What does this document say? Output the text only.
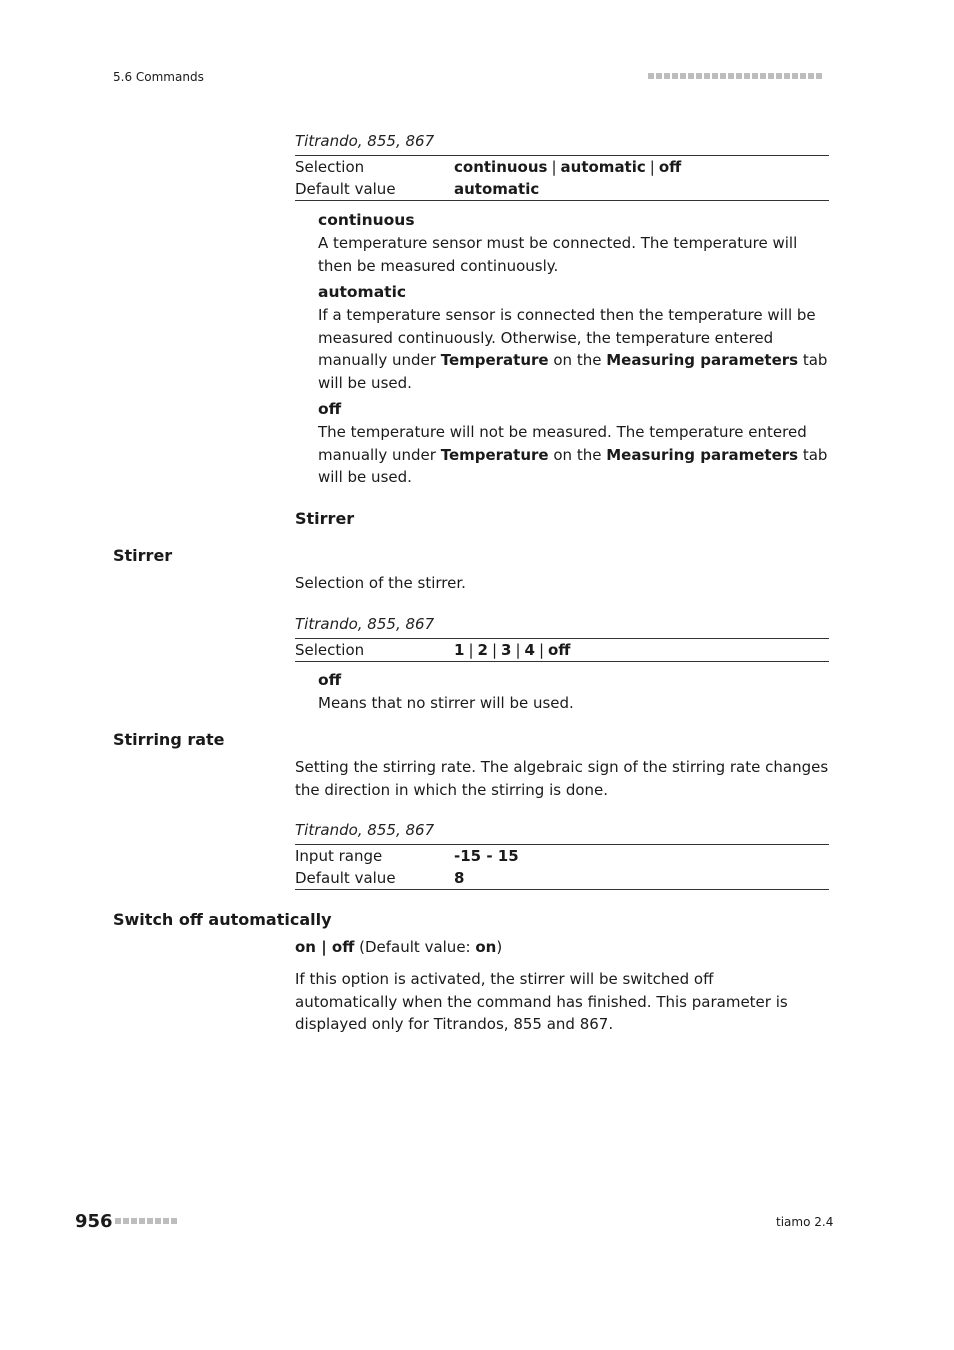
5.6 Commands
Titrando, 855, 867
Selection	continuous | automatic | off
Default value	automatic
continuous
A temperature sensor must be connected. The temperature will then be measured continuously.
automatic
If a temperature sensor is connected then the temperature will be measured continuously. Otherwise, the temperature entered manually under Temperature on the Measuring parameters tab will be used.
off
The temperature will not be measured. The temperature entered manually under Temperature on the Measuring parameters tab will be used.
Stirrer
Stirrer
Selection of the stirrer.
Titrando, 855, 867
Selection	1 | 2 | 3 | 4 | off
off
Means that no stirrer will be used.
Stirring rate
Setting the stirring rate. The algebraic sign of the stirring rate changes the direction in which the stirring is done.
Titrando, 855, 867
Input range	-15 - 15
Default value	8
Switch off automatically
on | off (Default value: on)
If this option is activated, the stirrer will be switched off automatically when the command has finished. This parameter is displayed only for Titrandos, 855 and 867.
956	tiamo 2.4
